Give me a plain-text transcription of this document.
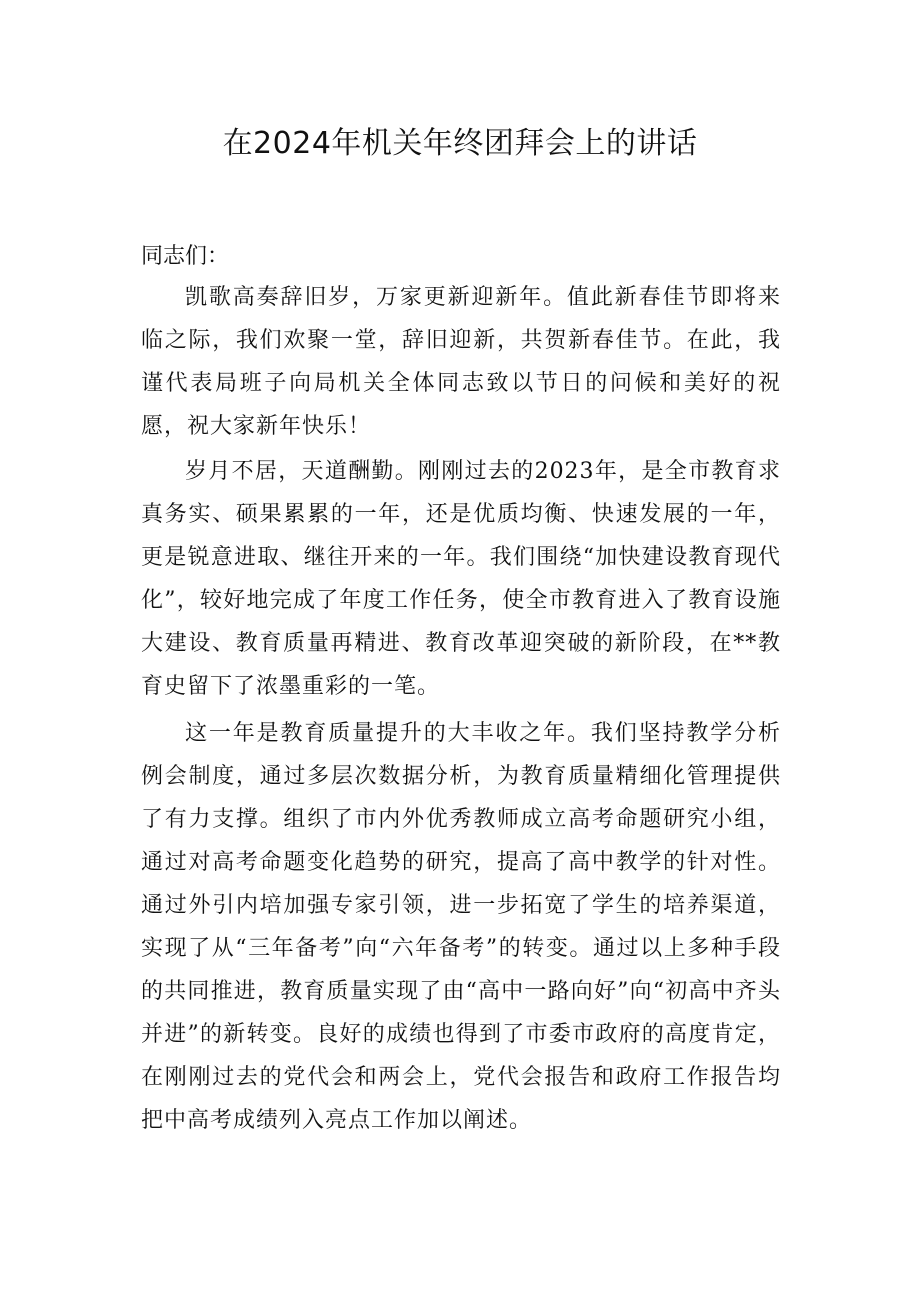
在2024年机关年终团拜会上的讲话
同志们：

凯歌高奏辞旧岁，万家更新迎新年。值此新春佳节即将来临之际，我们欢聚一堂，辞旧迎新，共贺新春佳节。在此，我谨代表局班子向局机关全体同志致以节日的问候和美好的祝愿，祝大家新年快乐！

岁月不居，天道酬勤。刚刚过去的2023年，是全市教育求真务实、硕果累累的一年，还是优质均衡、快速发展的一年，更是锐意进取、继往开来的一年。我们围绕“加快建设教育现代化”，较好地完成了年度工作任务，使全市教育进入了教育设施大建设、教育质量再精进、教育改革迎突破的新阶段，在**教育史留下了浓墨重彩的一笔。

这一年是教育质量提升的大丰收之年。我们坚持教学分析例会制度，通过多层次数据分析，为教育质量精细化管理提供了有力支撑。组织了市内外优秀教师成立高考命题研究小组，通过对高考命题变化趋势的研究，提高了高中教学的针对性。通过外引内培加强专家引领，进一步拓宽了学生的培养渠道，实现了从“三年备考”向“六年备考”的转变。通过以上多种手段的共同推进，教育质量实现了由“高中一路向好”向“初高中齐头并进”的新转变。良好的成绩也得到了市委市政府的高度肯定，在刚刚过去的党代会和两会上，党代会报告和政府工作报告均把中高考成绩列入亮点工作加以阐述。
